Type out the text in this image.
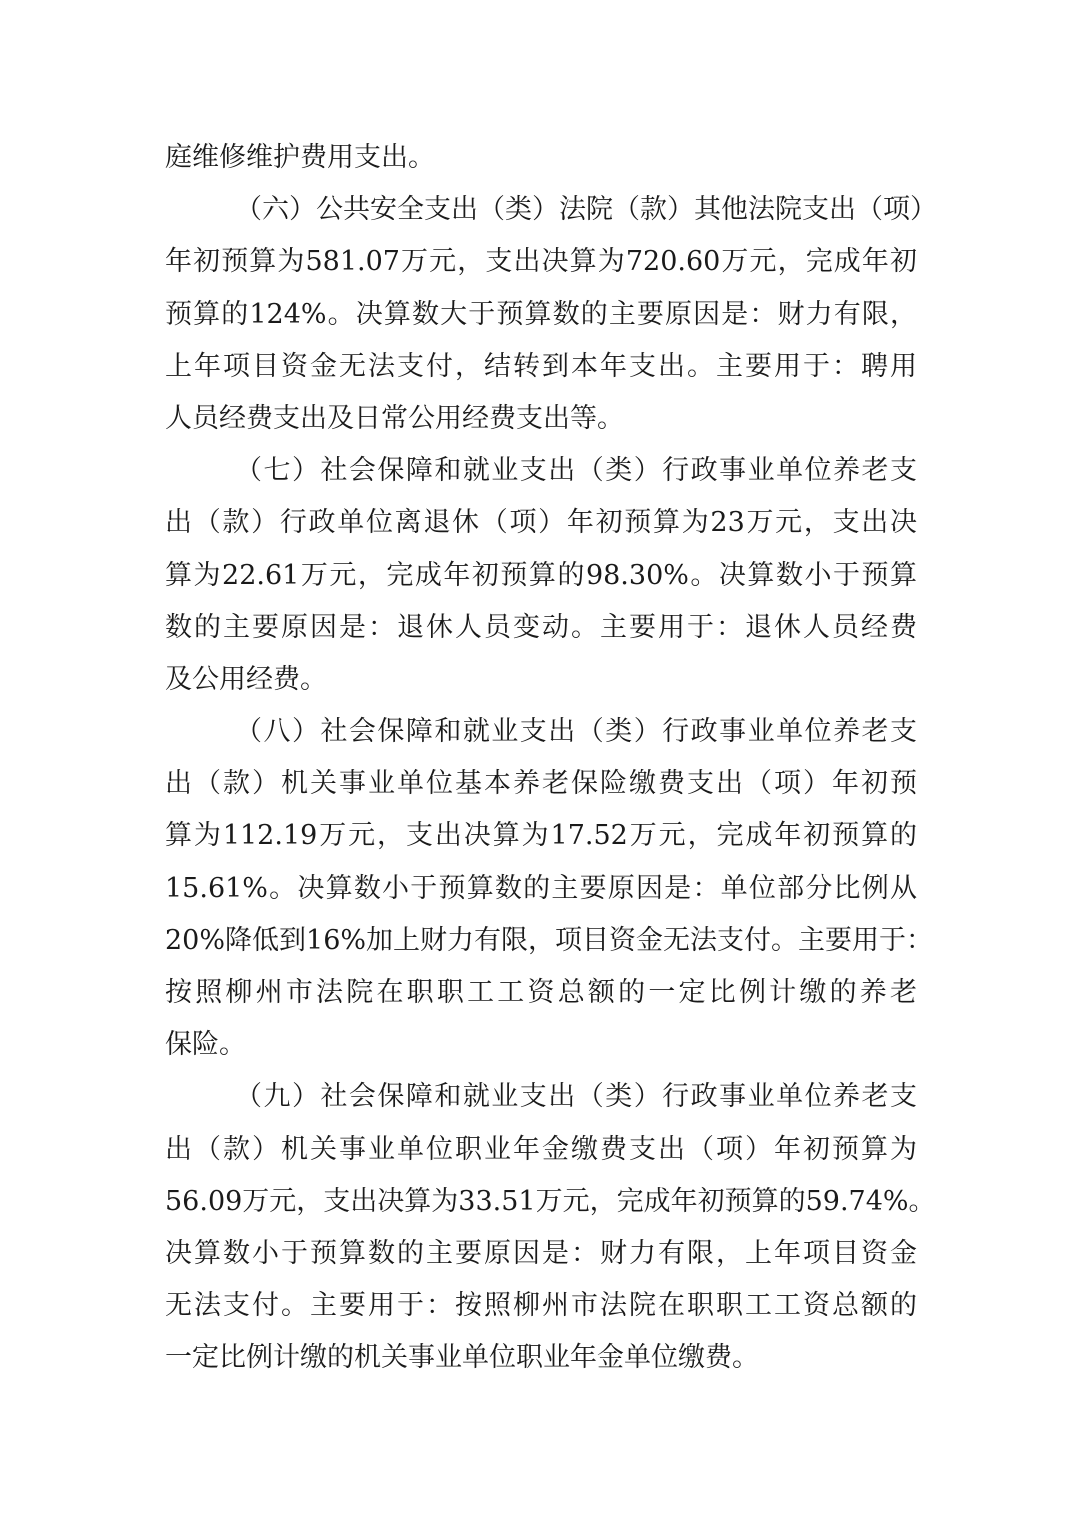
庭维修维护费用支出。
（六）公共安全支出（类）法院（款）其他法院支出（项）
年初预算为581.07万元，支出决算为720.60万元，完成年初
预算的124%。决算数大于预算数的主要原因是：财力有限，
上年项目资金无法支付，结转到本年支出。主要用于：聘用
人员经费支出及日常公用经费支出等。
（七）社会保障和就业支出（类）行政事业单位养老支
出（款）行政单位离退休（项）年初预算为23万元，支出决
算为22.61万元，完成年初预算的98.30%。决算数小于预算
数的主要原因是：退休人员变动。主要用于：退休人员经费
及公用经费。
（八）社会保障和就业支出（类）行政事业单位养老支
出（款）机关事业单位基本养老保险缴费支出（项）年初预
算为112.19万元，支出决算为17.52万元，完成年初预算的
15.61%。决算数小于预算数的主要原因是：单位部分比例从
20%降低到16%加上财力有限，项目资金无法支付。主要用于：
按照柳州市法院在职职工工资总额的一定比例计缴的养老
保险。
（九）社会保障和就业支出（类）行政事业单位养老支
出（款）机关事业单位职业年金缴费支出（项）年初预算为
56.09万元，支出决算为33.51万元，完成年初预算的59.74%。
决算数小于预算数的主要原因是：财力有限，上年项目资金
无法支付。主要用于：按照柳州市法院在职职工工资总额的
一定比例计缴的机关事业单位职业年金单位缴费。
